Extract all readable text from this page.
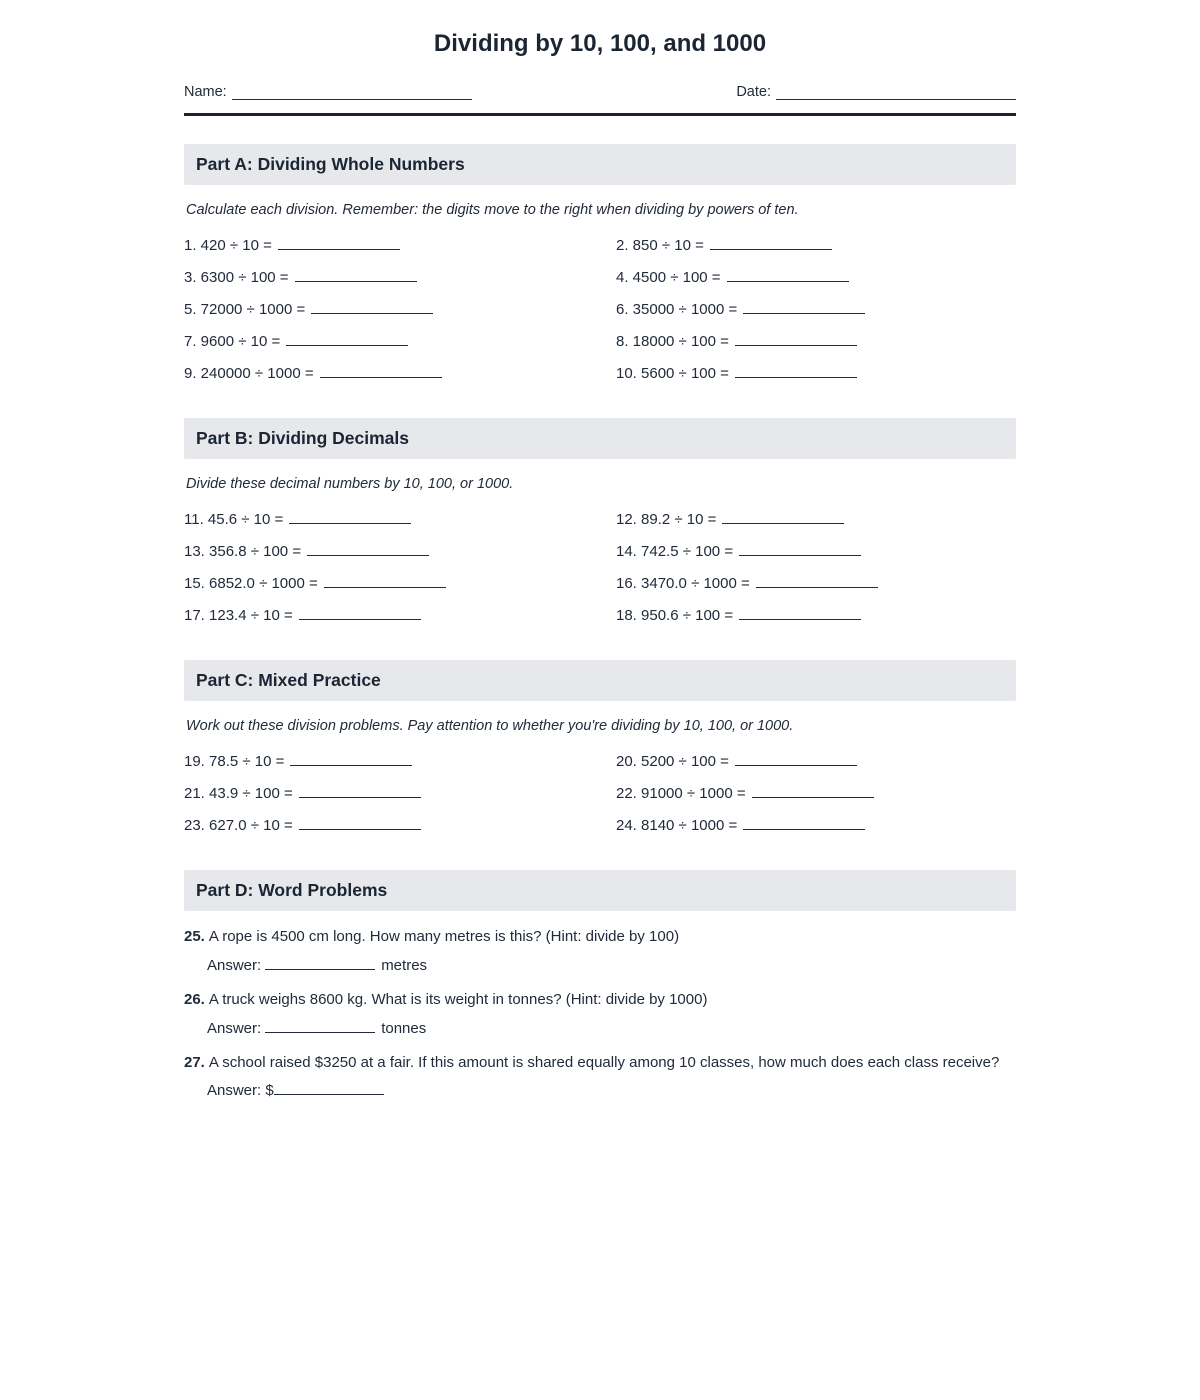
Dividing by 10, 100, and 1000
Name:	Date:
Part A: Dividing Whole Numbers

Calculate each division. Remember: the digits move to the right when dividing by powers of ten.

1. 420 ÷ 10 =	2. 850 ÷ 10 =
3. 6300 ÷ 100 =	4. 4500 ÷ 100 =
5. 72000 ÷ 1000 =	6. 35000 ÷ 1000 =
7. 9600 ÷ 10 =	8. 18000 ÷ 100 =
9. 240000 ÷ 1000 =	10. 5600 ÷ 100 =
Part B: Dividing Decimals

Divide these decimal numbers by 10, 100, or 1000.

11. 45.6 ÷ 10 =	12. 89.2 ÷ 10 =
13. 356.8 ÷ 100 =	14. 742.5 ÷ 100 =
15. 6852.0 ÷ 1000 =	16. 3470.0 ÷ 1000 =
17. 123.4 ÷ 10 =	18. 950.6 ÷ 100 =
Part C: Mixed Practice

Work out these division problems. Pay attention to whether you're dividing by 10, 100, or 1000.

19. 78.5 ÷ 10 =	20. 5200 ÷ 100 =
21. 43.9 ÷ 100 =	22. 91000 ÷ 1000 =
23. 627.0 ÷ 10 =	24. 8140 ÷ 1000 =
Part D: Word Problems
25. A rope is 4500 cm long. How many metres is this? (Hint: divide by 100)
Answer:	metres
26. A truck weighs 8600 kg. What is its weight in tonnes? (Hint: divide by 1000)
Answer:	tonnes
27. A school raised $3250 at a fair. If this amount is shared equally among 10 classes, how much does each class receive?
Answer: $
